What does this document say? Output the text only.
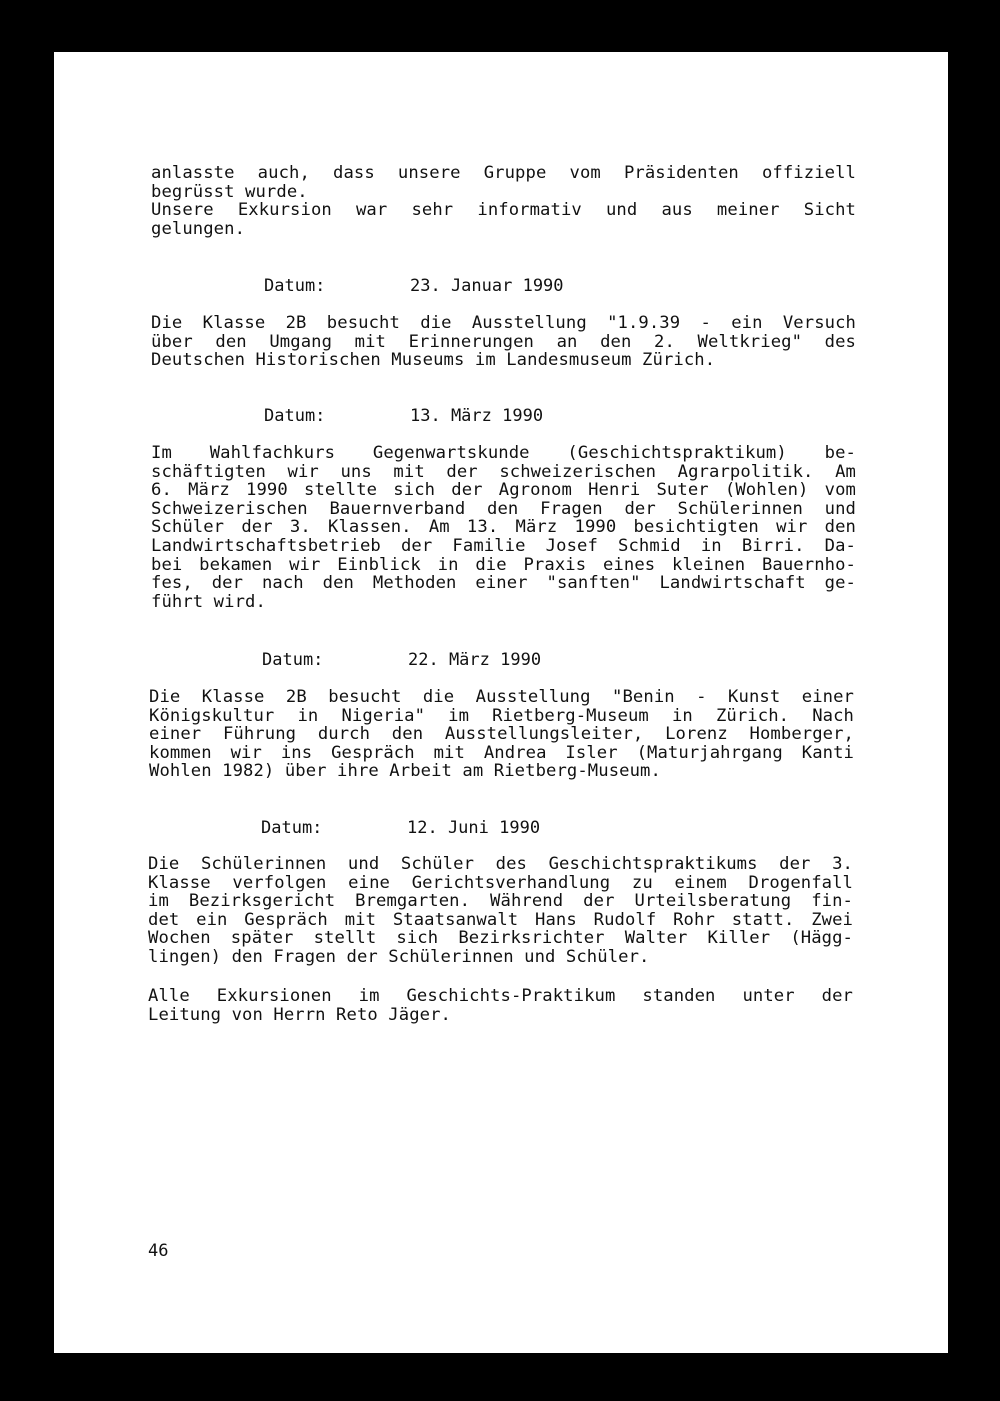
anlasste auch, dass unsere Gruppe vom Präsidenten offiziell
begrüsst wurde.
Unsere Exkursion war sehr informativ und aus meiner Sicht
gelungen.

Datum:	23. Januar 1990

Die Klasse 2B besucht die Ausstellung "1.9.39 - ein Versuch
über den Umgang mit Erinnerungen an den 2. Weltkrieg" des
Deutschen Historischen Museums im Landesmuseum Zürich.

Datum:	13. März 1990

Im Wahlfachkurs Gegenwartskunde (Geschichtspraktikum) be-
schäftigten wir uns mit der schweizerischen Agrarpolitik. Am
6. März 1990 stellte sich der Agronom Henri Suter (Wohlen) vom
Schweizerischen Bauernverband den Fragen der Schülerinnen und
Schüler der 3. Klassen. Am 13. März 1990 besichtigten wir den
Landwirtschaftsbetrieb der Familie Josef Schmid in Birri. Da-
bei bekamen wir Einblick in die Praxis eines kleinen Bauernho-
fes, der nach den Methoden einer "sanften" Landwirtschaft ge-
führt wird.

Datum:	22. März 1990

Die Klasse 2B besucht die Ausstellung "Benin - Kunst einer
Königskultur in Nigeria" im Rietberg-Museum in Zürich. Nach
einer Führung durch den Ausstellungsleiter, Lorenz Homberger,
kommen wir ins Gespräch mit Andrea Isler (Maturjahrgang Kanti
Wohlen 1982) über ihre Arbeit am Rietberg-Museum.

Datum:	12. Juni 1990

Die Schülerinnen und Schüler des Geschichtspraktikums der 3.
Klasse verfolgen eine Gerichtsverhandlung zu einem Drogenfall
im Bezirksgericht Bremgarten. Während der Urteilsberatung fin-
det ein Gespräch mit Staatsanwalt Hans Rudolf Rohr statt. Zwei
Wochen später stellt sich Bezirksrichter Walter Killer (Hägg-
lingen) den Fragen der Schülerinnen und Schüler.

Alle Exkursionen im Geschichts-Praktikum standen unter der
Leitung von Herrn Reto Jäger.

46
